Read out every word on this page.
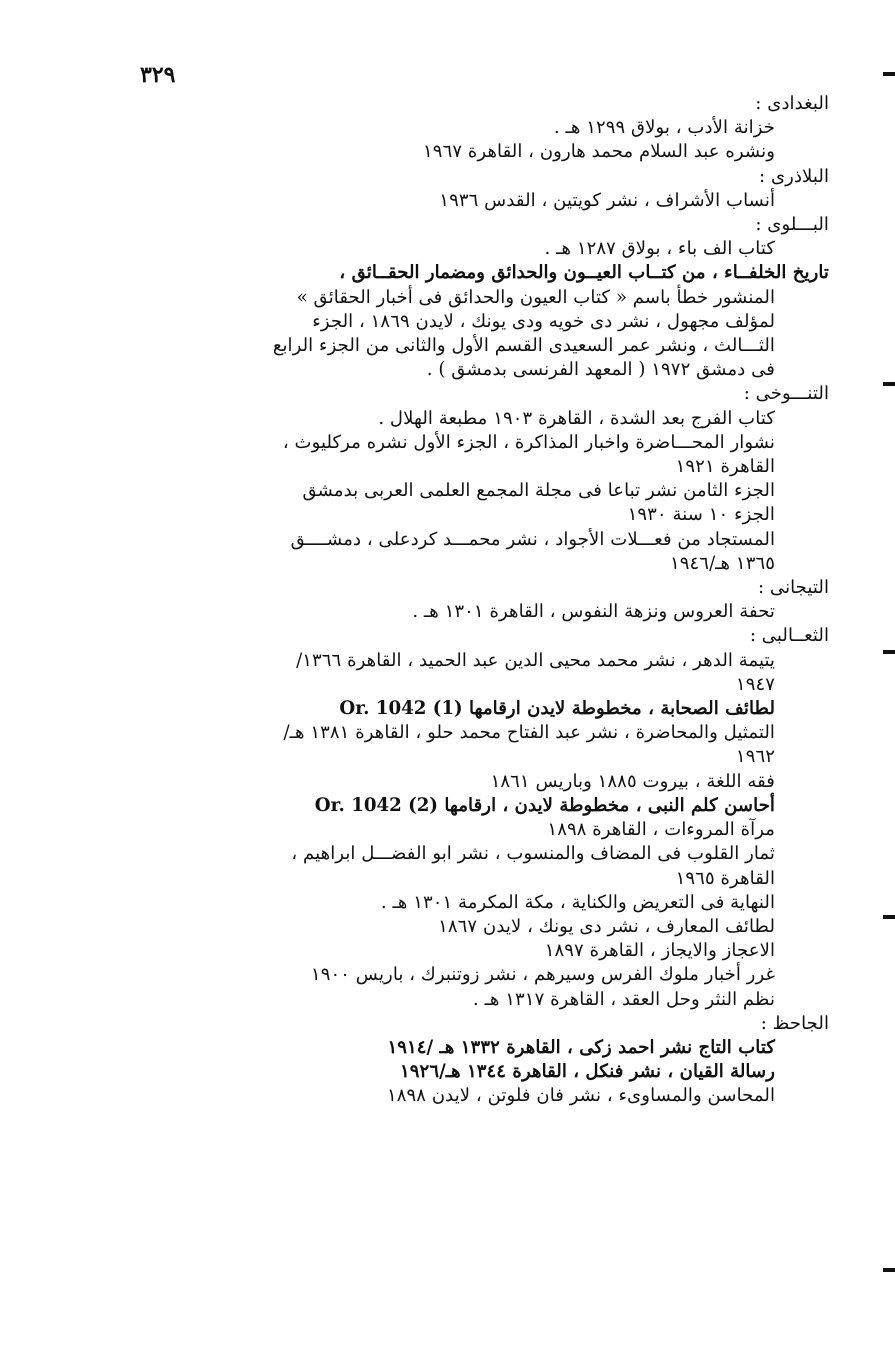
٣٢٩
البغدادى :
خزانة الأدب ، بولاق ١٢٩٩ هـ .
ونشره عبد السلام محمد هارون ، القاهرة ١٩٦٧
البلاذرى :
أنساب الأشراف ، نشر كويتين ، القدس ١٩٣٦
البـــلوى :
كتاب الف باء ، بولاق ١٢٨٧ هـ .
تاريخ الخلفــاء ، من كتــاب العيــون والحدائق ومضمار الحقــائق ،
المنشور خطأ باسم « كتاب العيون والحدائق فى أخبار الحقائق »
لمؤلف مجهول ، نشر دى خويه ودى يونك ، لايدن ١٨٦٩ ، الجزء
الثـــالث ، ونشر عمر السعيدى القسم الأول والثانى من الجزء الرابع
فى دمشق ١٩٧٢ ( المعهد الفرنسى بدمشق ) .
التنـــوخى :
كتاب الفرج بعد الشدة ، القاهرة ١٩٠٣ مطبعة الهلال .
نشوار المحـــاضرة واخبار المذاكرة ، الجزء الأول نشره مركليوث ،
القاهرة ١٩٢١
الجزء الثامن نشر تباعا فى مجلة المجمع العلمى العربى بدمشق
الجزء ١٠ سنة ١٩٣٠
المستجاد من فعـــلات الأجواد ، نشر محمـــد كردعلى ، دمشــــق
١٣٦٥ هـ/١٩٤٦
التيجانى :
تحفة العروس ونزهة النفوس ، القاهرة ١٣٠١ هـ .
الثعــالبى :
يتيمة الدهر ، نشر محمد محيى الدين عبد الحميد ، القاهرة ١٣٦٦/
١٩٤٧
لطائف الصحابة ، مخطوطة لايدن ارقامها Or. 1042 (1)
التمثيل والمحاضرة ، نشر عبد الفتاح محمد حلو ، القاهرة ١٣٨١ هـ/
١٩٦٢
فقه اللغة ، بيروت ١٨٨٥ وباريس ١٨٦١
أحاسن كلم النبى ، مخطوطة لايدن ، ارقامها Or. 1042 (2)
مرآة المروءات ، القاهرة ١٨٩٨
ثمار القلوب فى المضاف والمنسوب ، نشر ابو الفضـــل ابراهيم ،
القاهرة ١٩٦٥
النهاية فى التعريض والكناية ، مكة المكرمة ١٣٠١ هـ .
لطائف المعارف ، نشر دى يونك ، لايدن ١٨٦٧
الاعجاز والايجاز ، القاهرة ١٨٩٧
غرر أخبار ملوك الفرس وسيرهم ، نشر زوتنبرك ، باريس ١٩٠٠
نظم النثر وحل العقد ، القاهرة ١٣١٧ هـ .
الجاحظ :
كتاب التاج نشر احمد زكى ، القاهرة ١٣٣٢ هـ /١٩١٤
رسالة القيان ، نشر فنكل ، القاهرة ١٣٤٤ هـ/١٩٢٦
المحاسن والمساوىء ، نشر فان فلوتن ، لايدن ١٨٩٨
